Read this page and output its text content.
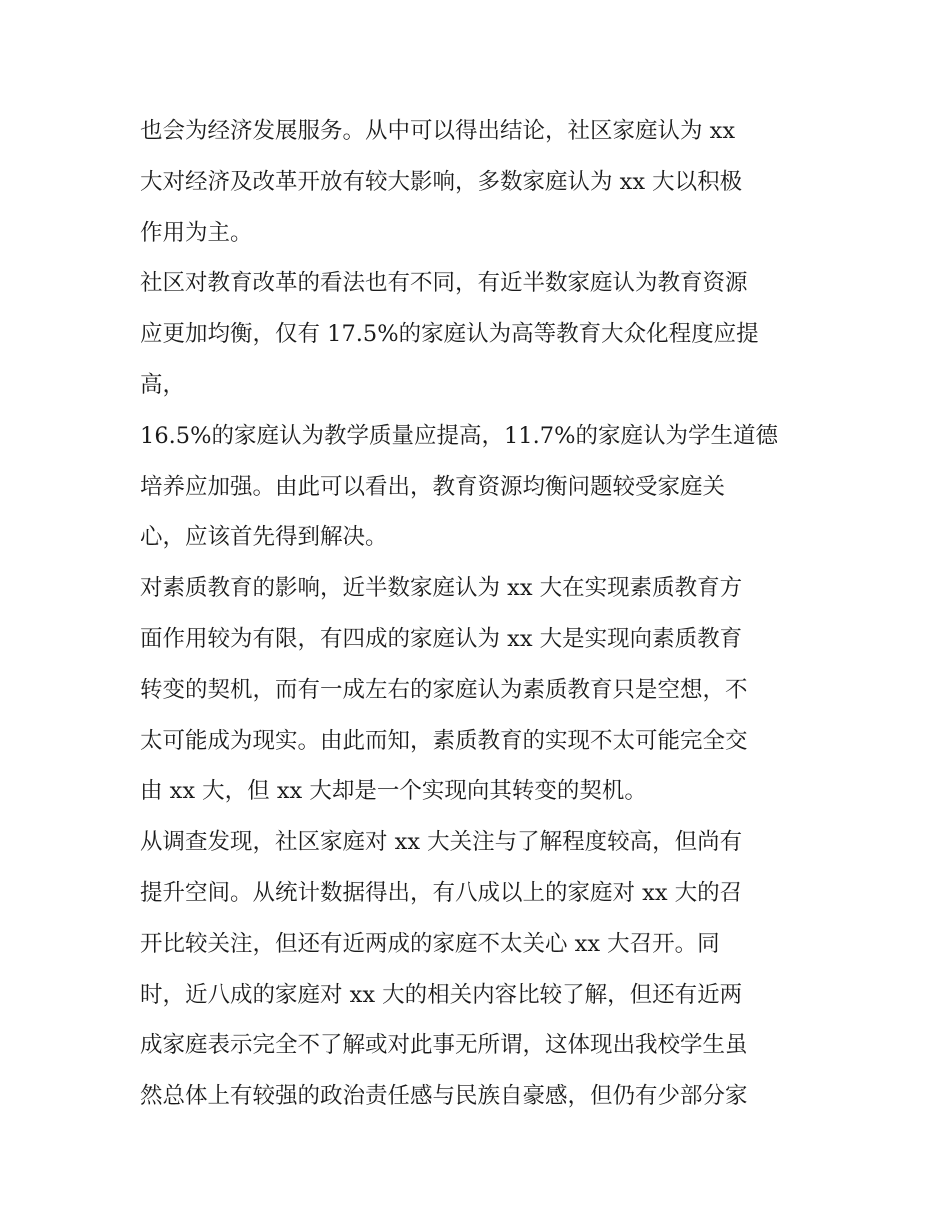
也会为经济发展服务。从中可以得出结论，社区家庭认为 xx
大对经济及改革开放有较大影响，多数家庭认为 xx 大以积极
作用为主。
社区对教育改革的看法也有不同，有近半数家庭认为教育资源
应更加均衡，仅有 17.5%的家庭认为高等教育大众化程度应提
高，
16.5%的家庭认为教学质量应提高，11.7%的家庭认为学生道德
培养应加强。由此可以看出，教育资源均衡问题较受家庭关
心，应该首先得到解决。
对素质教育的影响，近半数家庭认为 xx 大在实现素质教育方
面作用较为有限，有四成的家庭认为 xx 大是实现向素质教育
转变的契机，而有一成左右的家庭认为素质教育只是空想，不
太可能成为现实。由此而知，素质教育的实现不太可能完全交
由 xx 大，但 xx 大却是一个实现向其转变的契机。
从调查发现，社区家庭对 xx 大关注与了解程度较高，但尚有
提升空间。从统计数据得出，有八成以上的家庭对 xx 大的召
开比较关注，但还有近两成的家庭不太关心 xx 大召开。同
时，近八成的家庭对 xx 大的相关内容比较了解，但还有近两
成家庭表示完全不了解或对此事无所谓，这体现出我校学生虽
然总体上有较强的政治责任感与民族自豪感，但仍有少部分家
